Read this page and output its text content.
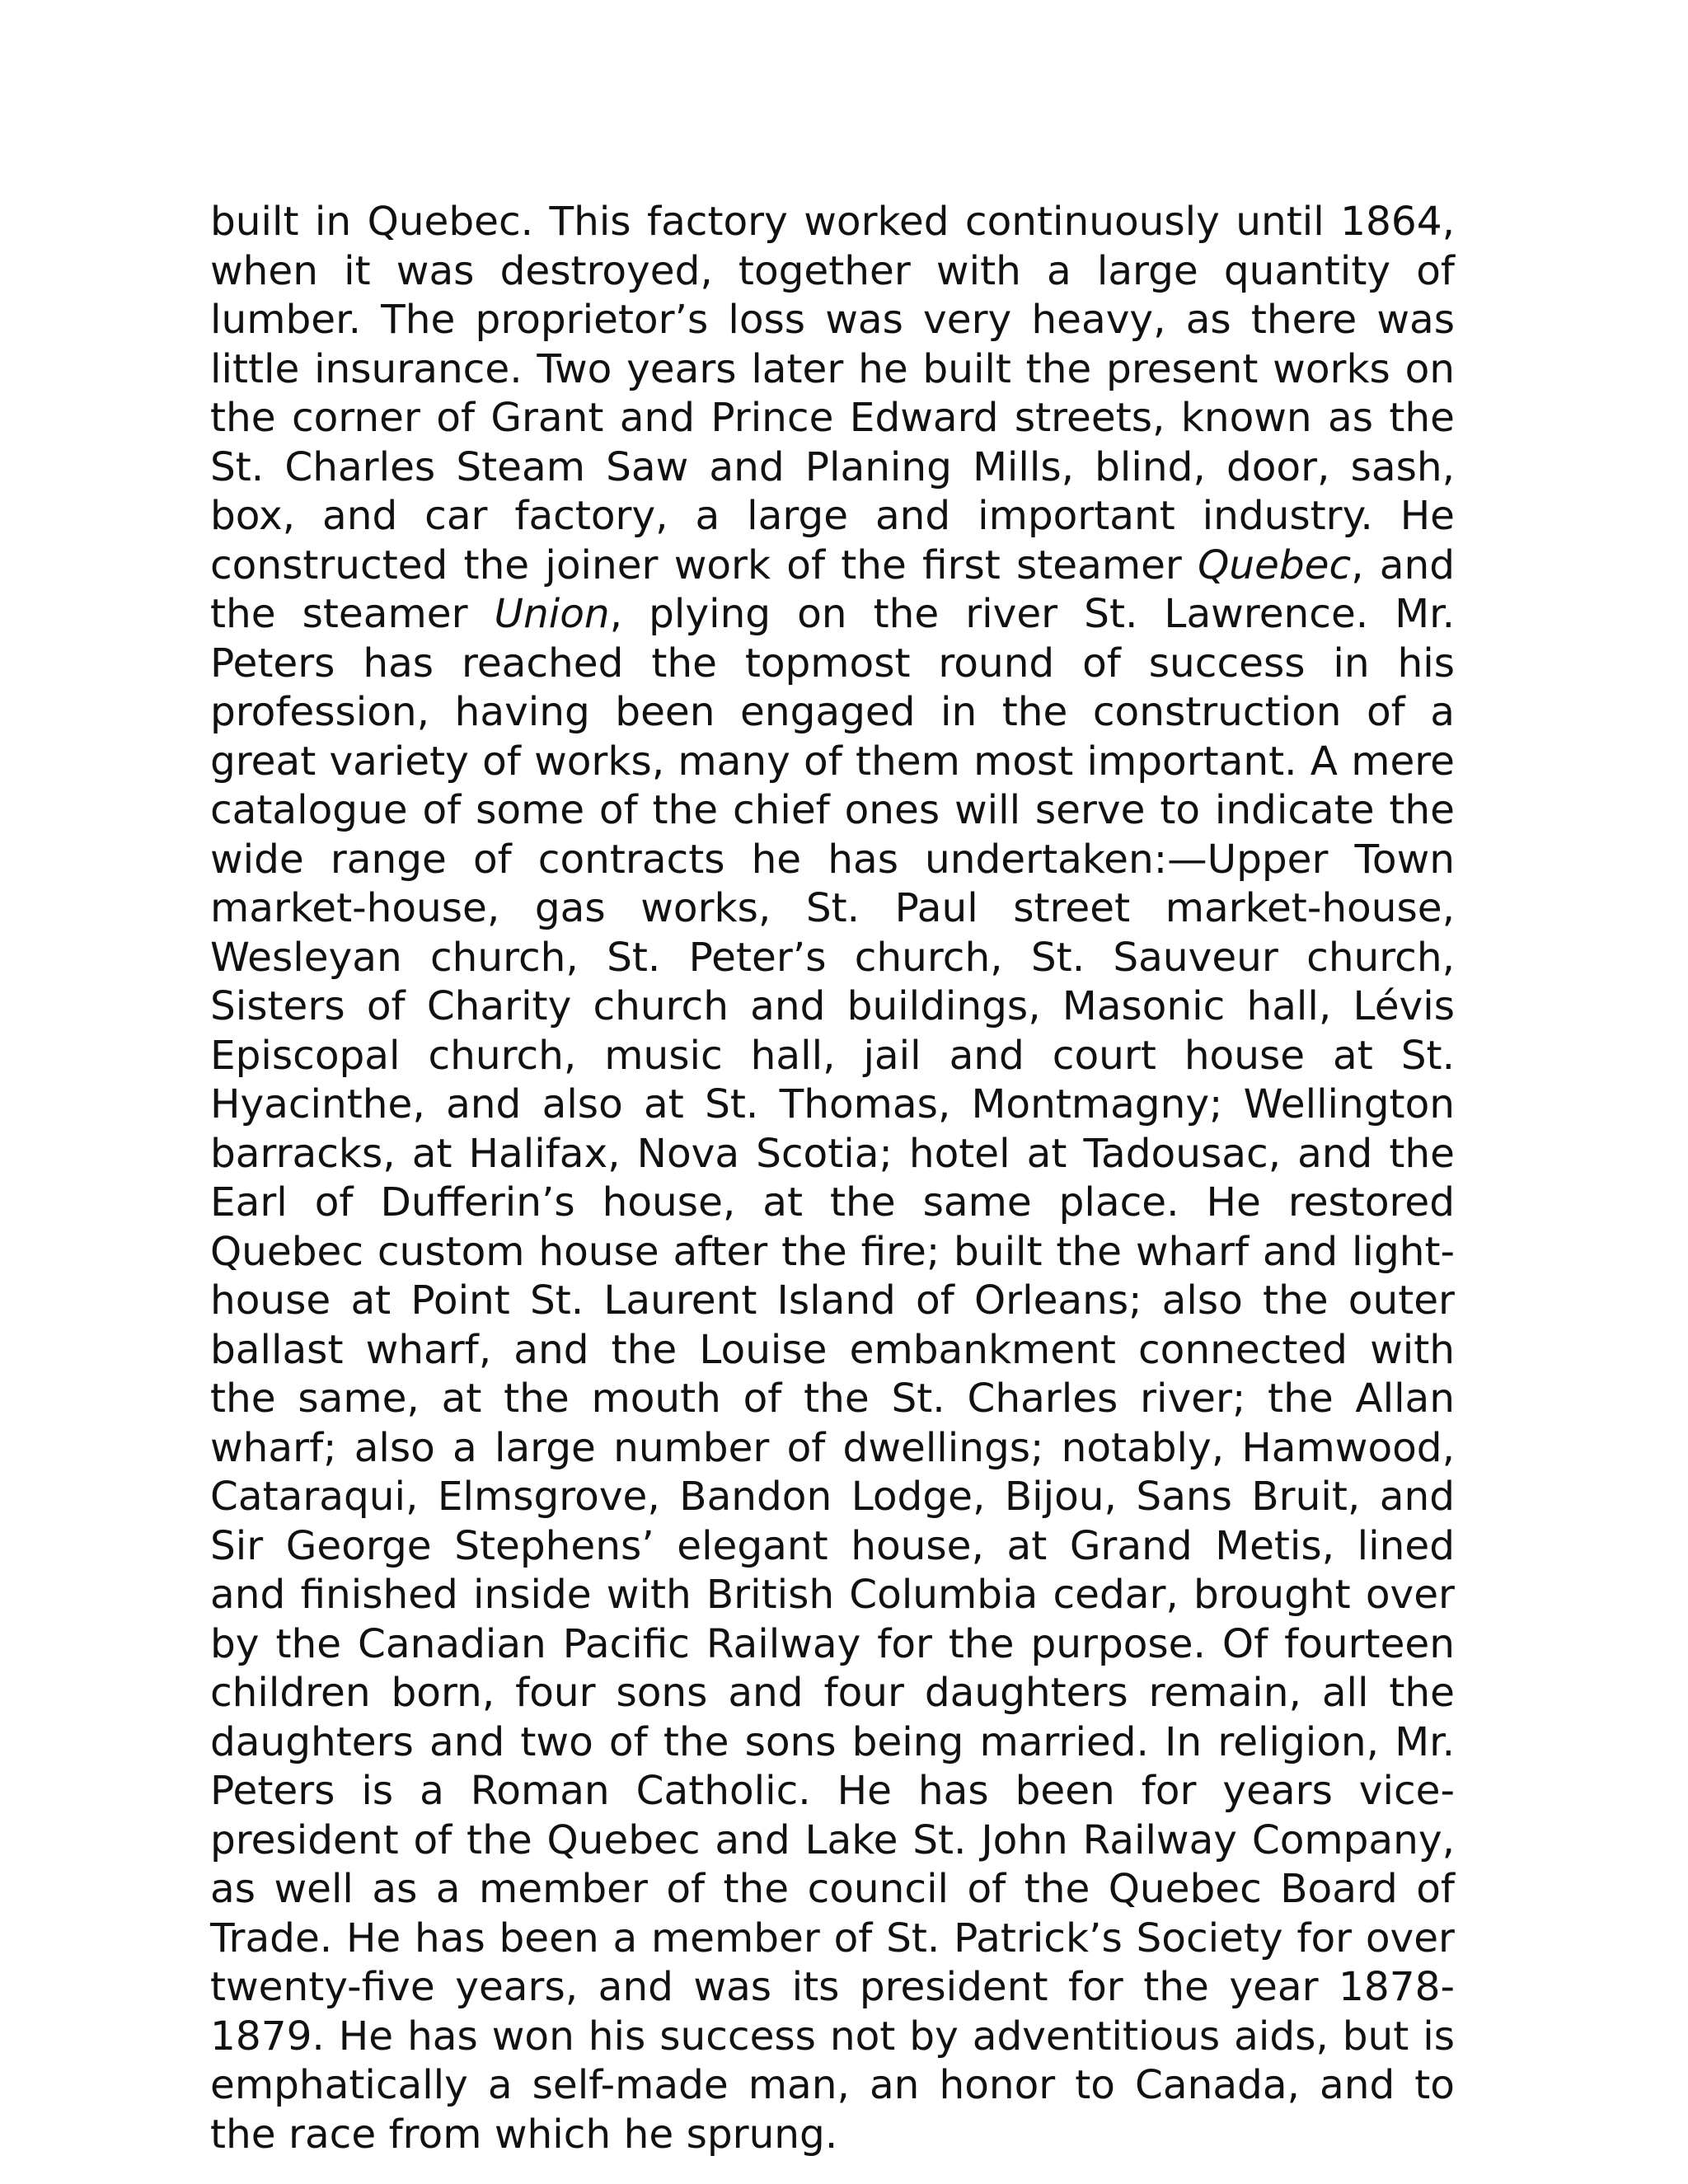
built in Quebec. This factory worked continuously until 1864, when it was destroyed, together with a large quantity of lumber. The proprietor’s loss was very heavy, as there was little insurance. Two years later he built the present works on the corner of Grant and Prince Edward streets, known as the St. Charles Steam Saw and Planing Mills, blind, door, sash, box, and car factory, a large and important industry. He constructed the joiner work of the first steamer Quebec, and the steamer Union, plying on the river St. Lawrence. Mr. Peters has reached the topmost round of success in his profession, having been engaged in the construction of a great variety of works, many of them most important. A mere catalogue of some of the chief ones will serve to indicate the wide range of contracts he has undertaken:—Upper Town market-house, gas works, St. Paul street market-house, Wesleyan church, St. Peter’s church, St. Sauveur church, Sisters of Charity church and buildings, Masonic hall, Lévis Episcopal church, music hall, jail and court house at St. Hyacinthe, and also at St. Thomas, Montmagny; Wellington barracks, at Halifax, Nova Scotia; hotel at Tadousac, and the Earl of Dufferin’s house, at the same place. He restored Quebec custom house after the fire; built the wharf and light-house at Point St. Laurent Island of Orleans; also the outer ballast wharf, and the Louise embankment connected with the same, at the mouth of the St. Charles river; the Allan wharf; also a large number of dwellings; notably, Hamwood, Cataraqui, Elmsgrove, Bandon Lodge, Bijou, Sans Bruit, and Sir George Stephens’ elegant house, at Grand Metis, lined and finished inside with British Columbia cedar, brought over by the Canadian Pacific Railway for the purpose. Of fourteen children born, four sons and four daughters remain, all the daughters and two of the sons being married. In religion, Mr. Peters is a Roman Catholic. He has been for years vice-president of the Quebec and Lake St. John Railway Company, as well as a member of the council of the Quebec Board of Trade. He has been a member of St. Patrick’s Society for over twenty-five years, and was its president for the year 1878-1879. He has won his success not by adventitious aids, but is emphatically a self-made man, an honor to Canada, and to the race from which he sprung.
